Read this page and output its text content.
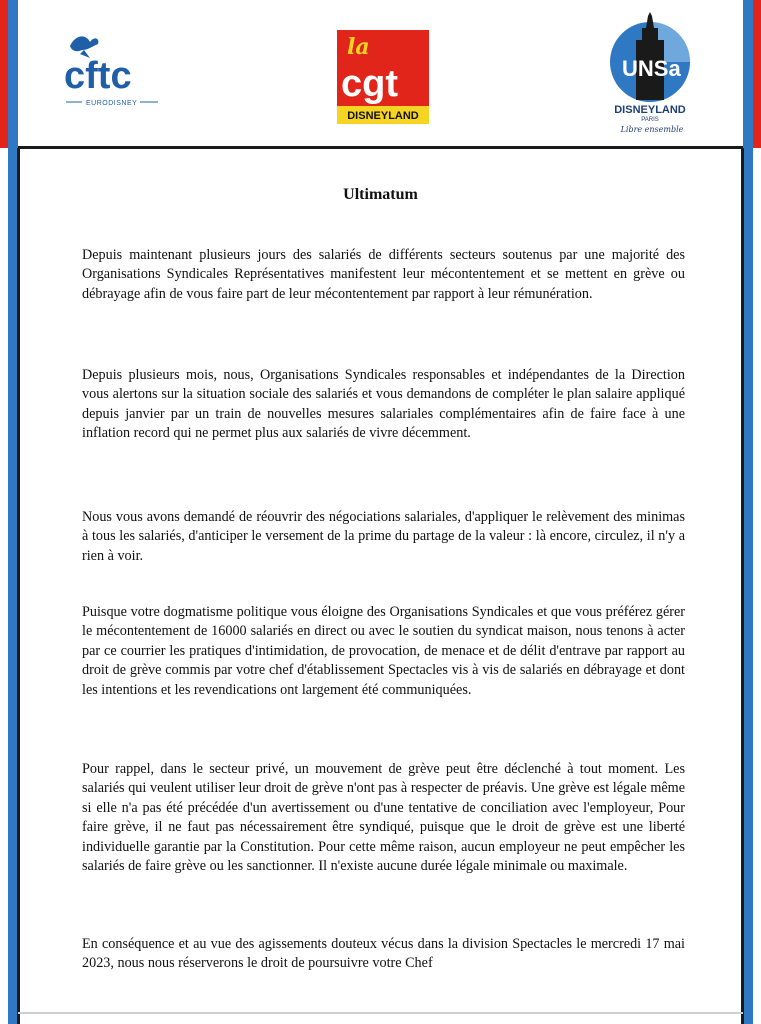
cftc
EURODISNEY
la
cgt
DISNEYLAND
UNSa
DISNEYLAND
PARIS
Libre ensemble
Ultimatum

Depuis maintenant plusieurs jours des salariés de différents secteurs soutenus par une majorité des Organisations Syndicales Représentatives manifestent leur mécontentement et se mettent en grève ou débrayage afin de vous faire part de leur mécontentement par rapport à leur rémunération.

Depuis plusieurs mois, nous, Organisations Syndicales responsables et indépendantes de la Direction vous alertons sur la situation sociale des salariés et vous demandons de compléter le plan salaire appliqué depuis janvier par un train de nouvelles mesures salariales complémentaires afin de faire face à une inflation record qui ne permet plus aux salariés de vivre décemment.

Nous vous avons demandé de réouvrir des négociations salariales, d'appliquer le relèvement des minimas à tous les salariés, d'anticiper le versement de la prime du partage de la valeur : là encore, circulez, il n'y a rien à voir.

Puisque votre dogmatisme politique vous éloigne des Organisations Syndicales et que vous préférez gérer le mécontentement de 16000 salariés en direct ou avec le soutien du syndicat maison, nous tenons à acter par ce courrier les pratiques d'intimidation, de provocation, de menace et de délit d'entrave par rapport au droit de grève commis par votre chef d'établissement Spectacles vis à vis de salariés en débrayage et dont les intentions et les revendications ont largement été communiquées.

Pour rappel, dans le secteur privé, un mouvement de grève peut être déclenché à tout moment. Les salariés qui veulent utiliser leur droit de grève n'ont pas à respecter de préavis. Une grève est légale même si elle n'a pas été précédée d'un avertissement ou d'une tentative de conciliation avec l'employeur, Pour faire grève, il ne faut pas nécessairement être syndiqué, puisque que le droit de grève est une liberté individuelle garantie par la Constitution. Pour cette même raison, aucun employeur ne peut empêcher les salariés de faire grève ou les sanctionner. Il n'existe aucune durée légale minimale ou maximale.

En conséquence et au vue des agissements douteux vécus dans la division Spectacles le mercredi 17 mai 2023, nous nous réserverons le droit de poursuivre votre Chef
